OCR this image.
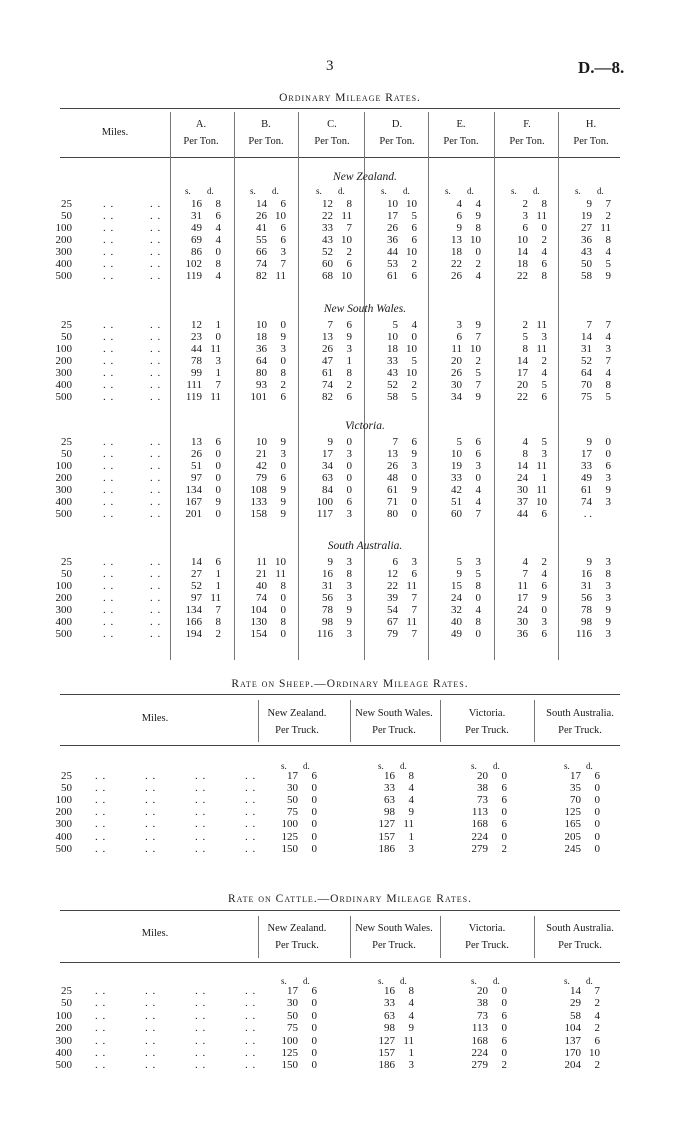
3	D.—8.
Ordinary Mileage Rates.
Miles.
A.
Per Ton.
B.
Per Ton.
C.
Per Ton.
D.
Per Ton.
E.
Per Ton.
F.
Per Ton.
H.
Per Ton.
New Zealand.
s. d.	s. d.	s. d.	s. d.	s. d.	s. d.	s. d.
25	. .	. .	16 8	14 6	12 8	10 10	4 4	2 8	9 7
50	. .	. .	31 6	26 10	22 11	17 5	6 9	3 11	19 2
100	. .	. .	49 4	41 6	33 7	26 6	9 8	6 0	27 11
200	. .	. .	69 4	55 6	43 10	36 6	13 10	10 2	36 8
300	. .	. .	86 0	66 3	52 2	44 10	18 0	14 4	43 4
400	. .	. . 102 8	74 7	60 6	53 2	22 2	18 6	50 5
500	. .	. . 119 4	82 11	68 10	61 6	26 4	22 8	58 9
New South Wales.
25	. .	. .	12 1	10 0	7 6	5 4	3 9	2 11	7 7
50	. .	. .	23 0	18 9	13 9	10 0	6 7	5 3	14 4
100	. .	. .	44 11	36 3	26 3	18 10	11 10	8 11	31 3
200	. .	. .	78 3	64 0	47 1	33 5	20 2	14 2	52 7
300	. .	. .	99 1	80 8	61 8	43 10	26 5	17 4	64 4
400	. .	. . 111 7	93 2	74 2	52 2	30 7	20 5	70 8
500	. .	. . 119 11	101 6	82 6	58 5	34 9	22 6	75 5
Victoria.
25	. .	. .	13 6	10 9	9 0	7 6	5 6	4 5	9 0
50	. .	. .	26 0	21 3	17 3	13 9	10 6	8 3	17 0
100	. .	. .	51 0	42 0	34 0	26 3	19 3	14 11	33 6
200	. .	. .	97 0	79 6	63 0	48 0	33 0	24 1	49 3
300	. .	. . 134 0	108 9	84 0	61 9	42 4	30 11	61 9
400	. .	. . 167 9	133 9	100 6	71 0	51 4	37 10	74 3
500	. .	. . 201 0	158 9	117 3	80 0	60 7	44 6	. .
South Australia.
25	. .	. .	14 6	11 10	9 3	6 3	5 3	4 2	9 3
50	. .	. .	27 1	21 11	16 8	12 6	9 5	7 4	16 8
100	. .	. .	52 1	40 8	31 3	22 11	15 8	11 6	31 3
200	. .	. .	97 11	74 0	56 3	39 7	24 0	17 9	56 3
300	. .	. . 134 7	104 0	78 9	54 7	32 4	24 0	78 9
400	. .	. . 166 8	130 8	98 9	67 11	40 8	30 3	98 9
500	. .	. . 194 2	154 0	116 3	79 7	49 0	36 6	116 3
Rate on Sheep.—Ordinary Mileage Rates.
Miles.	New Zealand.
Per Truck.
New South Wales.
Per Truck.
Victoria.
Per Truck.
South Australia.
Per Truck.
s. d.	s. d.	s. d.	s. d.
25 . .	. .	. .	. .	17 6	16 8	20 0	17 6
50 . .	. .	. .	. .	30 0	33 4	38 6	35 0
100 . .	. .	. .	. .	50 0	63 4	73 6	70 0
200 . .	. .	. .	. .	75 0	98 9	113 0	125 0
300 . .	. .	. .	. . 100 0	127 11	168 6	165 0
400 . .	. .	. .	. . 125 0	157 1	224 0	205 0
500 . .	. .	. .	. . 150 0	186 3	279 2	245 0
Rate on Cattle.—Ordinary Mileage Rates.
Miles.	New Zealand.
Per Truck.
New South Wales.
Per Truck.
Victoria.
Per Truck.
South Australia.
Per Truck.
s. d.	s. d.	s. d.	s. d.
25 . .	. .	. .	. .	17 6	16 8	20 0	14 7
50 . .	. .	. .	. .	30 0	33 4	38 0	29 2
100 . .	. .	. .	. .	50 0	63 4	73 6	58 4
200 . .	. .	. .	. .	75 0	98 9	113 0	104 2
300 . .	. .	. .	. . 100 0	127 11	168 6	137 6
400 . .	. .	. .	. . 125 0	157 1	224 0	170 10
500 . .	. .	. .	. . 150 0	186 3	279 2	204 2
